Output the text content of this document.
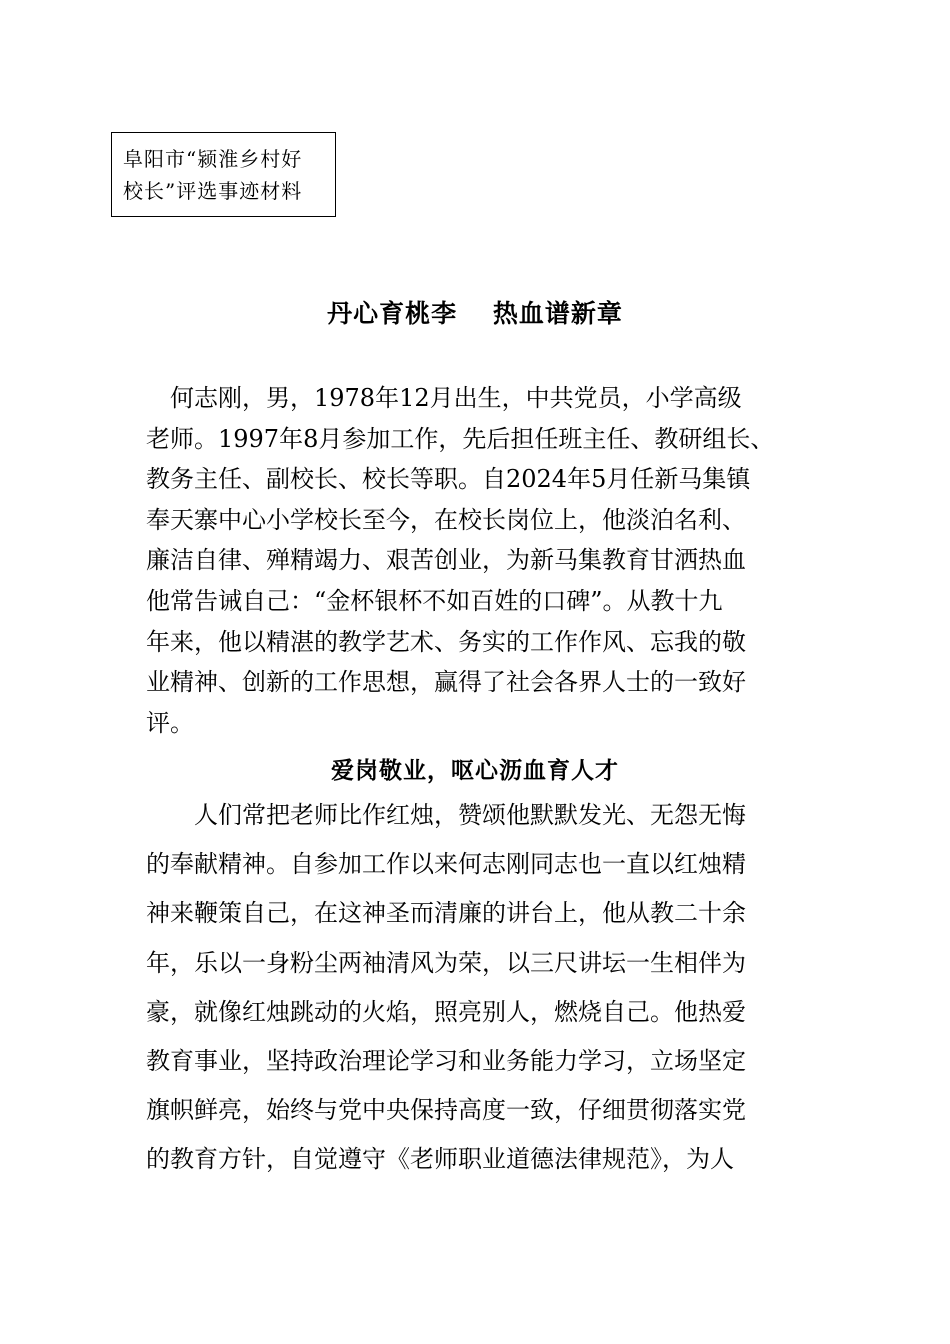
阜阳市“颍淮乡村好
校长”评选事迹材料
丹心育桃李　 热血谱新章

何志刚，男，1978年12月出生，中共党员，小学高级
老师。1997年8月参加工作，先后担任班主任、教研组长、
教务主任、副校长、校长等职。自2024年5月任新马集镇
奉天寨中心小学校长至今，在校长岗位上，他淡泊名利、
廉洁自律、殚精竭力、艰苦创业，为新马集教育甘洒热血
他常告诫自己：“金杯银杯不如百姓的口碑”。从教十九
年来，他以精湛的教学艺术、务实的工作作风、忘我的敬
业精神、创新的工作思想，赢得了社会各界人士的一致好
评。

爱岗敬业，呕心沥血育人才

人们常把老师比作红烛，赞颂他默默发光、无怨无悔
的奉献精神。自参加工作以来何志刚同志也一直以红烛精
神来鞭策自己，在这神圣而清廉的讲台上，他从教二十余
年，乐以一身粉尘两袖清风为荣，以三尺讲坛一生相伴为
豪，就像红烛跳动的火焰，照亮别人，燃烧自己。他热爱
教育事业，坚持政治理论学习和业务能力学习，立场坚定
旗帜鲜亮，始终与党中央保持高度一致，仔细贯彻落实党
的教育方针，自觉遵守《老师职业道德法律规范》，为人
